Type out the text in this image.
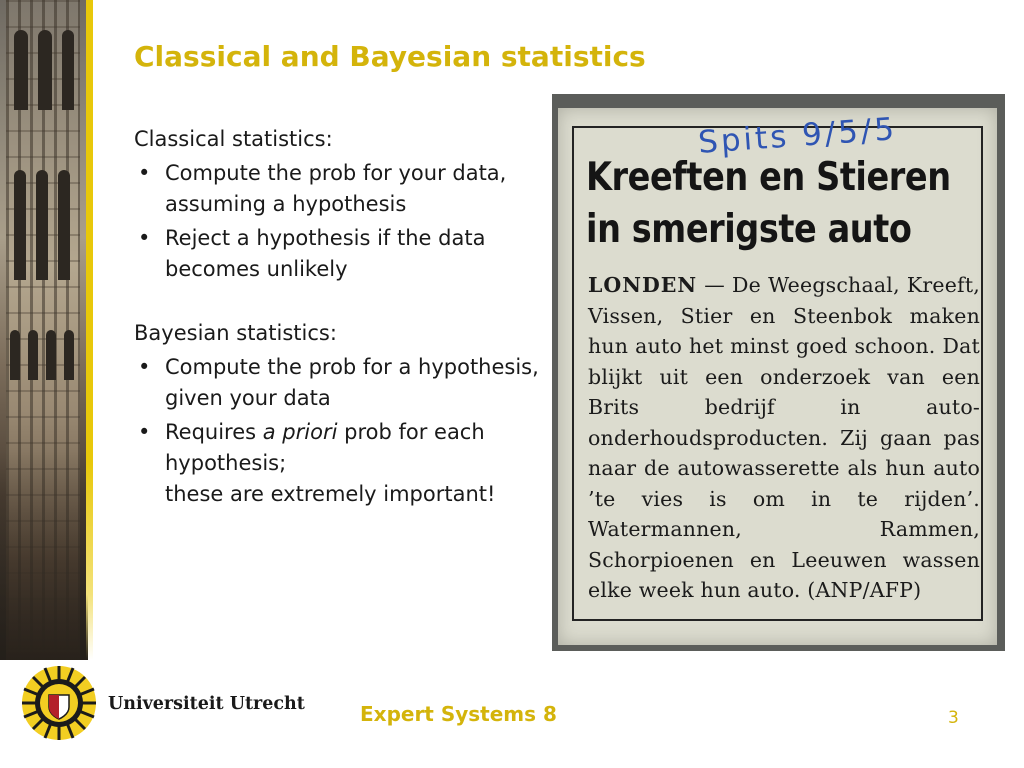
Classical and Bayesian statistics

Classical statistics:

• Compute the prob for your data, assuming a hypothesis
• Reject a hypothesis if the data becomes unlikely

Bayesian statistics:

• Compute the prob for a hypothesis, given your data
• Requires a priori prob for each hypothesis;
these are extremely important!
Spits 9/5/5
Kreeften en Stieren in smerigste auto
LONDEN — De Weegschaal, Kreeft, Vissen, Stier en Steenbok maken hun auto het minst goed schoon. Dat blijkt uit een onderzoek van een Brits bedrijf in auto-onderhoudsproducten. Zij gaan pas naar de autowasserette als hun auto ’te vies is om in te rijden’. Watermannen, Rammen, Schorpioenen en Leeuwen wassen elke week hun auto. (ANP/AFP)

Universiteit Utrecht	Expert Systems 8	3
